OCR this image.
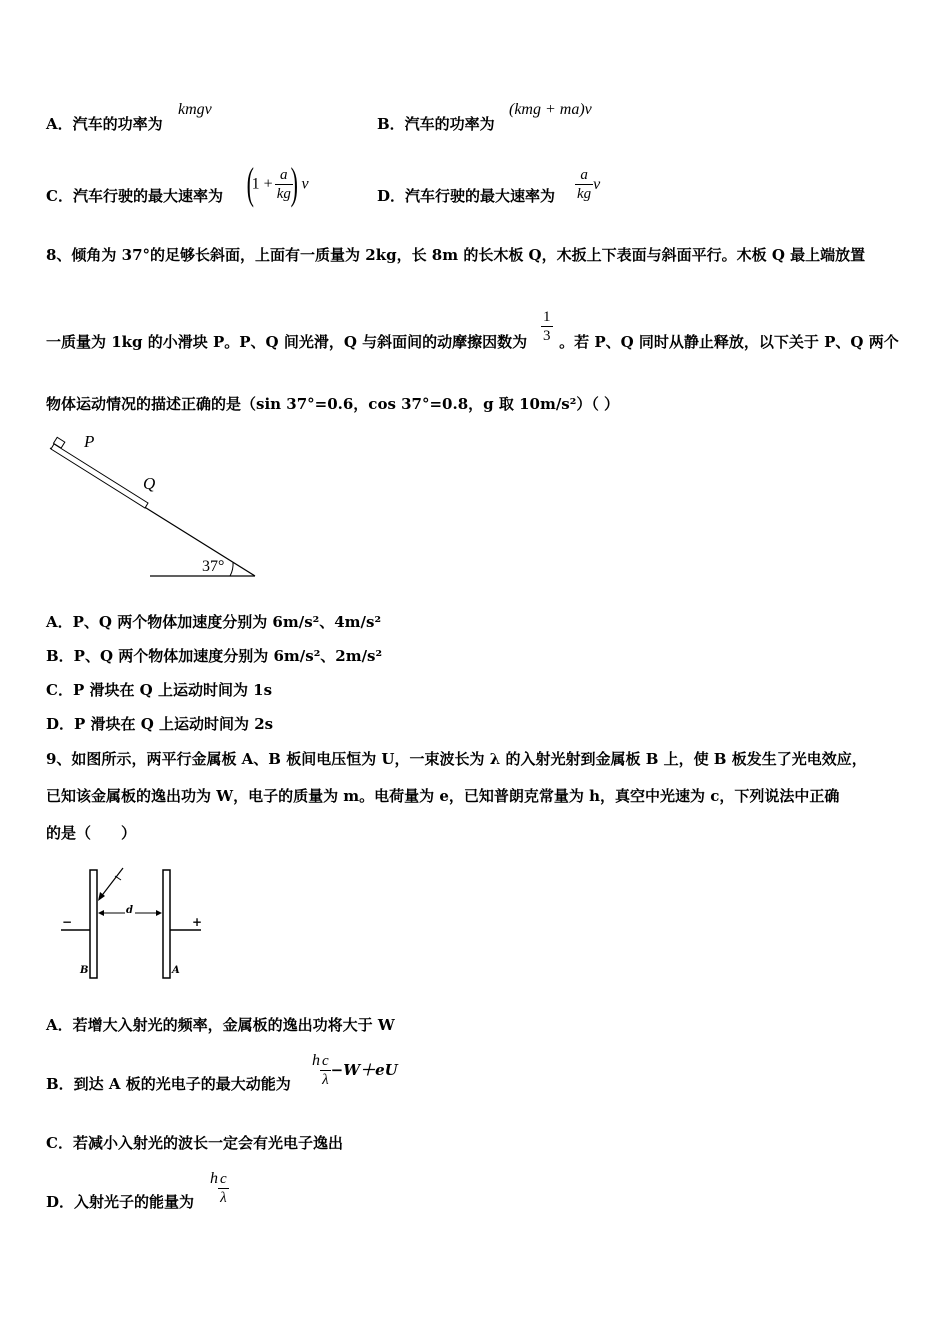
A．汽车的功率为
kmgv
B．汽车的功率为
(kmg + ma)v
C．汽车行驶的最大速率为 ($1 + \frac{a}{kg}$
) v
D．汽车行驶的最大速率为 $\frac{a}{kg}$ v
8、倾角为 37°的足够长斜面，上面有一质量为 2kg，长 8m 的长木板 Q，木扳上下表面与斜面平行。木板 Q 最上端放置
一质量为 1kg 的小滑块 P。P、Q 间光滑，Q 与斜面间的动摩擦因数为 。若 P、Q 同时从静止释放，以下关于 P、Q 两个
$\frac{1}{3}$
物体运动情况的描述正确的是（sin 37°=0.6，cos 37°=0.8，g 取 10m/s²）（ ）
P
Q
37°
A．P、Q 两个物体加速度分别为 6m/s²、4m/s²
B．P、Q 两个物体加速度分别为 6m/s²、2m/s²
C．P 滑块在 Q 上运动时间为 1s
D．P 滑块在 Q 上运动时间为 2s
9、如图所示，两平行金属板 A、B 板间电压恒为 U，一束波长为 λ 的入射光射到金属板 B 上，使 B 板发生了光电效应，
已知该金属板的逸出功为 W，电子的质量为 m。电荷量为 e，已知普朗克常量为 h，真空中光速为 c，下列说法中正确
的是（　　）
−	+
d
B	A
A．若增大入射光的频率，金属板的逸出功将大于 W
B．到达 A 板的光电子的最大动能为
h $\frac{c}{\lambda} -W+eU$
C．若减小入射光的波长一定会有光电子逸出
D．入射光子的能量为
h $\frac{c}{\lambda}$
